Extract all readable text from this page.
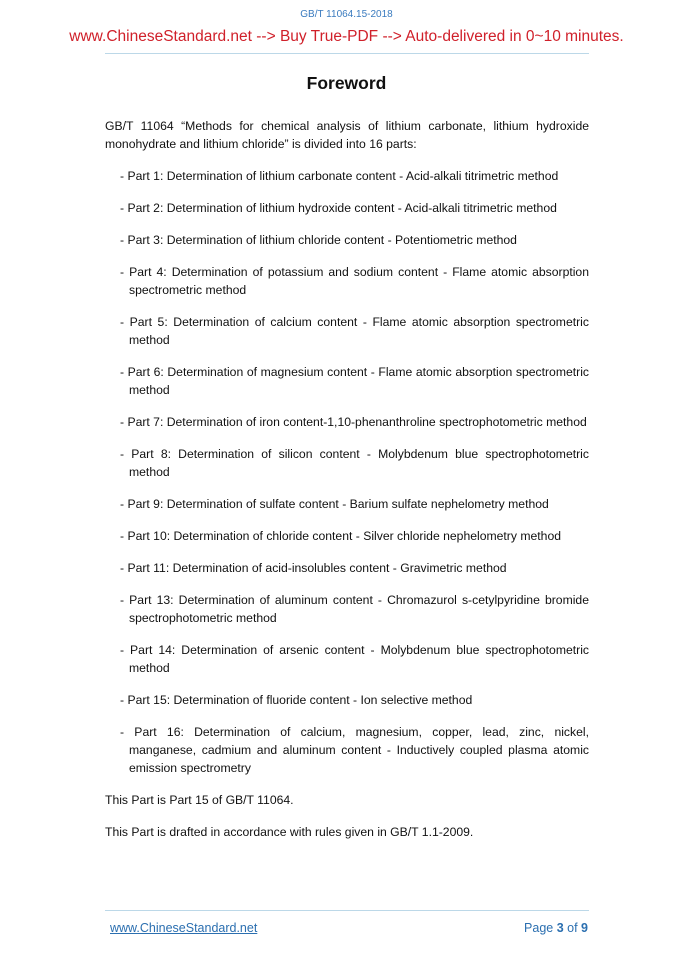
GB/T 11064.15-2018
www.ChineseStandard.net --> Buy True-PDF --> Auto-delivered in 0~10 minutes.
Foreword

GB/T 11064 “Methods for chemical analysis of lithium carbonate, lithium hydroxide monohydrate and lithium chloride” is divided into 16 parts:

- Part 1: Determination of lithium carbonate content - Acid-alkali titrimetric method
- Part 2: Determination of lithium hydroxide content - Acid-alkali titrimetric method
- Part 3: Determination of lithium chloride content - Potentiometric method
- Part 4: Determination of potassium and sodium content - Flame atomic absorption spectrometric method
- Part 5: Determination of calcium content - Flame atomic absorption spectrometric method
- Part 6: Determination of magnesium content - Flame atomic absorption spectrometric method
- Part 7: Determination of iron content-1,10-phenanthroline spectrophotometric method
- Part 8: Determination of silicon content - Molybdenum blue spectrophotometric method
- Part 9: Determination of sulfate content - Barium sulfate nephelometry method
- Part 10: Determination of chloride content - Silver chloride nephelometry method
- Part 11: Determination of acid-insolubles content - Gravimetric method
- Part 13: Determination of aluminum content - Chromazurol s-cetylpyridine bromide spectrophotometric method
- Part 14: Determination of arsenic content - Molybdenum blue spectrophotometric method
- Part 15: Determination of fluoride content - Ion selective method
- Part 16: Determination of calcium, magnesium, copper, lead, zinc, nickel, manganese, cadmium and aluminum content - Inductively coupled plasma atomic emission spectrometry

This Part is Part 15 of GB/T 11064.

This Part is drafted in accordance with rules given in GB/T 1.1-2009.

www.ChineseStandard.net	Page 3 of 9
